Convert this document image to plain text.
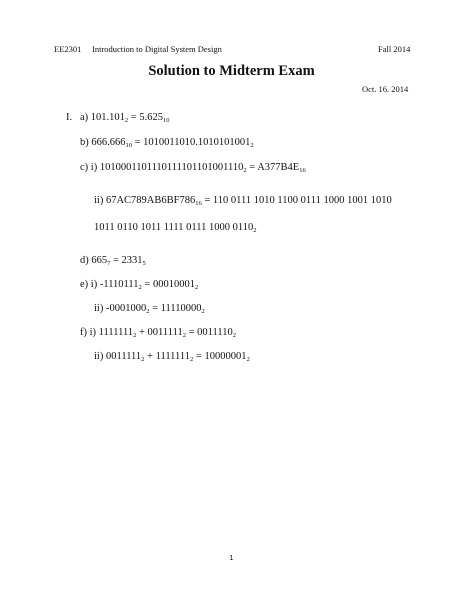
EE2301 Introduction to Digital System Design	Fall 2014
Solution to Midterm Exam
Oct. 16. 2014
I. a) $101.101_2 = 5.625_{10}$
b) $666.666_{10} = 1010011010.1010101001_2$
c) i) $1010001101110111101101001110_2 = A377B4E_{16}$
ii) $67AC789AB6BF786_{16} = 110$ 0111 1010 1100 0111 1000 1001 1010
1011 0110 1011 1111 0111 1000 $0110_2$
d) $665_7 = 2331_5$
e) i) $-1110111_2 = 00010001_2$
ii) $-0001000_2 = 11110000_2$
f) i) $1111111_2 + 0011111_2 = 0011110_2$
ii) $0011111_2 + 1111111_2 = 10000001_2$
1
